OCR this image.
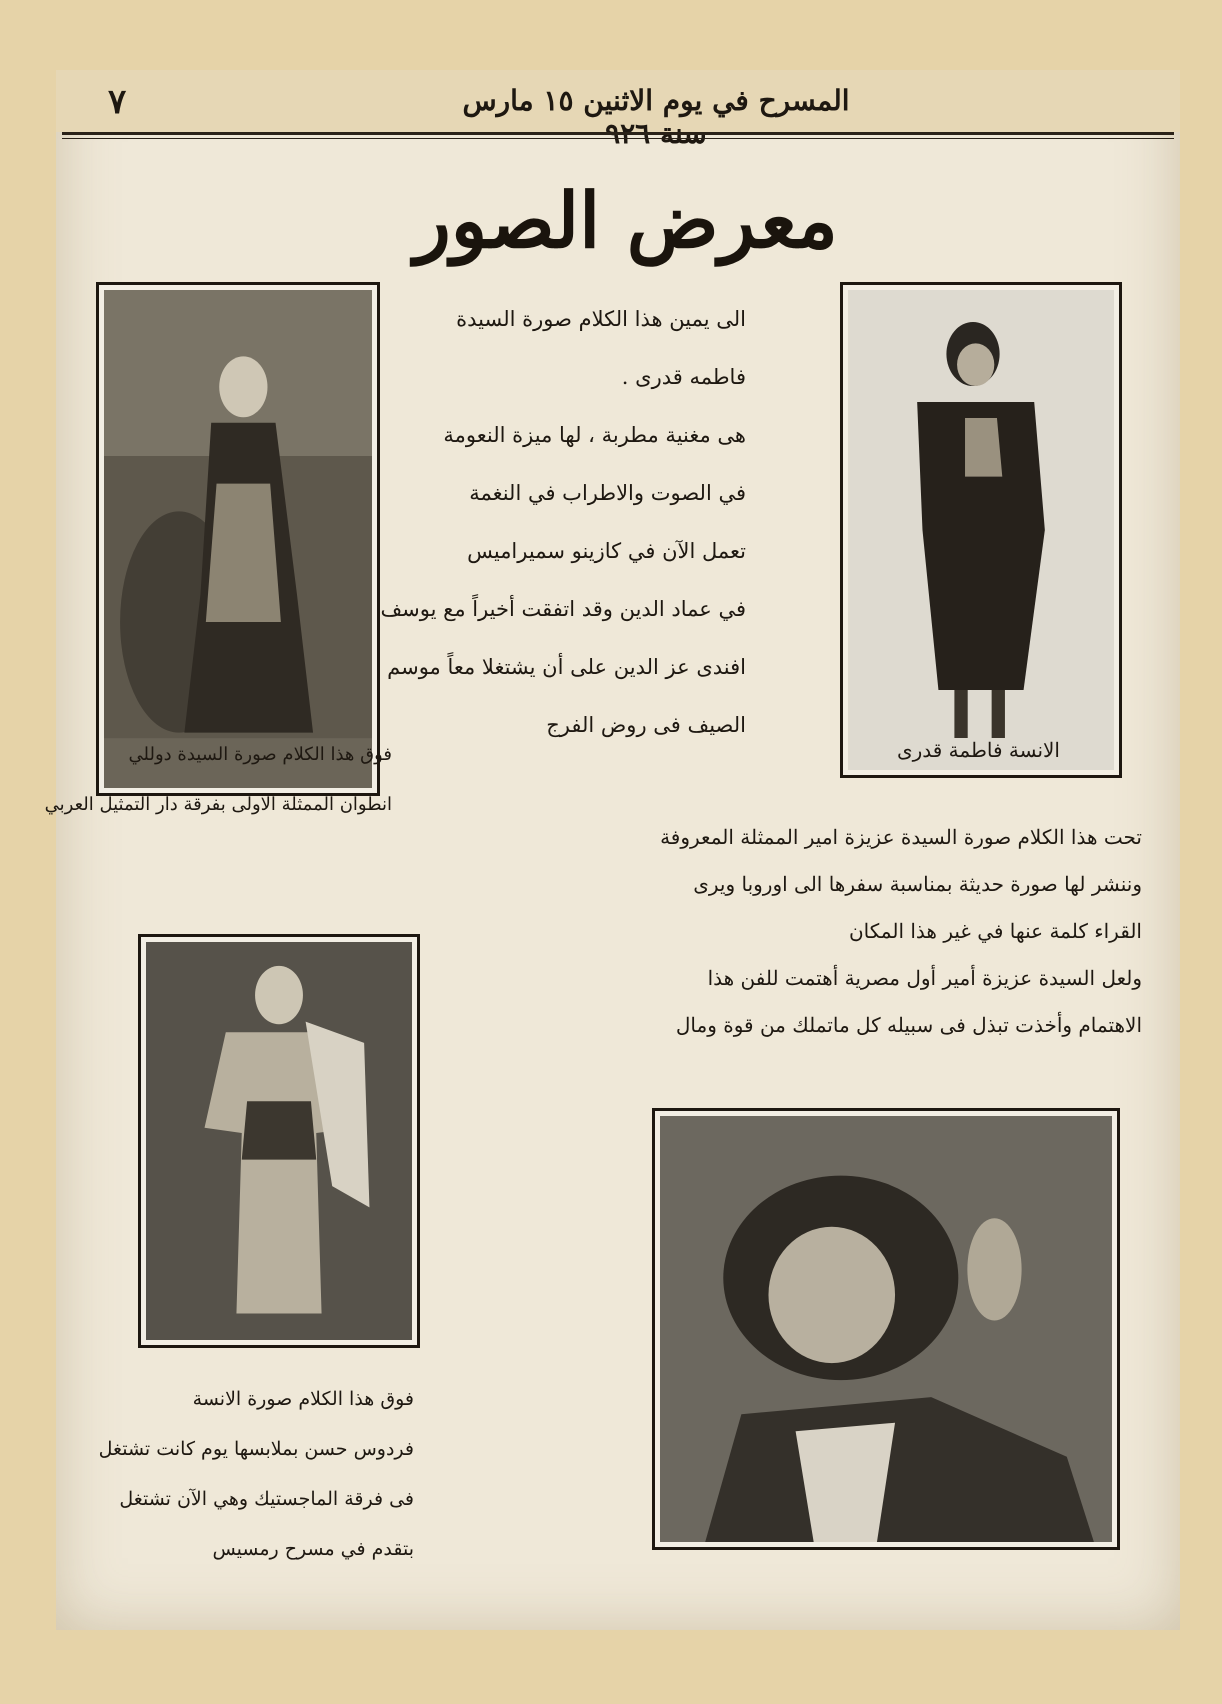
٧	المسرح في يوم الاثنين ١٥ مارس
معرض الصور

الى يمين هذا الكلام صورة السيدة

فاطمه قدرى .

هى مغنية مطربة ، لها ميزة النعومة

في الصوت والاطراب في النغمة

تعمل الآن في كازينو سميراميس

في عماد الدين وقد اتفقت أخيراً مع يوسف

افندى عز الدين على أن يشتغلا معاً موسم

الصيف فى روض الفرج

الانسة فاطمة قدرى

فوق هذا الكلام صورة السيدة دوللي

انطوان الممثلة الاولى بفرقة دار التمثيل العربي

تحت هذا الكلام صورة السيدة عزيزة امير الممثلة المعروفة

وننشر لها صورة حديثة بمناسبة سفرها الى اوروبا ويرى

القراء كلمة عنها في غير هذا المكان

ولعل السيدة عزيزة أمير أول مصرية أهتمت للفن هذا

الاهتمام وأخذت تبذل فى سبيله كل ماتملك من قوة ومال

فوق هذا الكلام صورة الانسة

فردوس حسن بملابسها يوم كانت تشتغل

فى فرقة الماجستيك وهي الآن تشتغل

بتقدم في مسرح رمسيس
